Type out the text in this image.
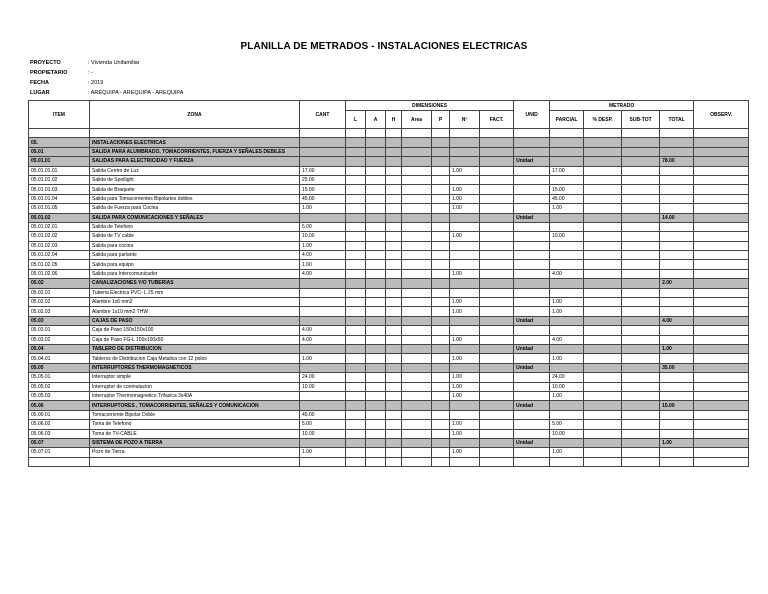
PLANILLA DE METRADOS - INSTALACIONES ELECTRICAS
PROYECTO	: Vivienda Unifamiliar
PROPIETARIO	: -
FECHA	: 2019
LUGAR	: AREQUIPA - AREQUIPA - AREQUIPA
ITEM	ZONA	CANT	DIMENSIONES							UNID	METRADO				OBSERV.
			L	A	H	Area	P	Nº	FACT.		PARCIAL	% DESP.	SUB-TOT	TOTAL	

05.	INSTALACIONES ELECTRICAS														
05.01	SALIDA PARA ALUMBRADO, TOMACORRIENTES, FUERZA Y SEÑALES DEBILES														
05.01.01	SALIDAS PARA ELECTRICIDAD Y FUERZA									Unidad				78.00	
05.01.01.01	Salida Centro de Luz	17.00						1.00			17.00				
05.01.01.02	Salida de Spotlight	25.00													
05.01.01.03	Salida de Braquete	15.00						1.00			15.00				
05.01.01.04	Salida para Tomacorrientes Bipolartes dobles	45.00						1.00			45.00				
05.01.01.05	Salida de Fuerza para Cocina	1.00						1.00			1.00				
05.01.02	SALIDA PARA COMUNICACIONES Y SEÑALES									Unidad				14.00	
05.01.02.01	Salida de Telefono	5.00													
05.01.02.02	Salida de TV cable	10.00						1.00			10.00				
05.01.02.03	Salida para cocina	1.00													
05.01.02.04	Salida para parlante	4.00													
05.01.02.05	Salida para equipo	1.00													
05.01.02.06	Salida para Intercomunicador	4.00						1.00			4.00				
05.02	CANALIZACIONES Y/O TUBERIAS													2.00	
05.02.01	Tuberia Electrica PVC- L 25 mm														
05.02.02	Alambre 1x6 mm2							1.00			1.00				
05.02.03	Alambre 1x10 mm2 THW							1.00			1.00				
05.03	CAJAS DE PASO									Unidad				4.00	
05.03.01	Caja de Paso 150x150x100	4.00													
05.03.02	Caja de Paso FG-L 100x100x50	4.00						1.00			4.00				
05.04	TABLERO DE DISTRIBUCION									Unidad				1.00	
05.04.01	Tableros de Distribucion Caja Metalica con 12 polos	1.00						1.00			1.00				
05.05	INTERRUPTORES THERMOMAGNETICOS									Unidad				35.00	
05.05.01	Interruptor simple	24.00						1.00			24.00				
05.05.02	Interruptor de conmutacion	10.00						1.00			10.00				
05.05.03	Interruptor Thermomagnetico Trifasica 3x40A							1.00			1.00				
05.06	INTERRUPTORES , TOMACORRIENTES, SEÑALES Y COMUNICACIÓN									Unidad				15.00	
05.06.01	Tomacorriente Bipolar Doble	45.00													
05.06.02	Toma de Telefono	5.00						1.00			5.00				
05.06.03	Toma de TV-CABLE	10.00						1.00			10.00				
05.07	SISTEMA DE POZO A TIERRA									Unidad				1.00	
05.07.01	Pozo de Tierra	1.00						1.00			1.00				
